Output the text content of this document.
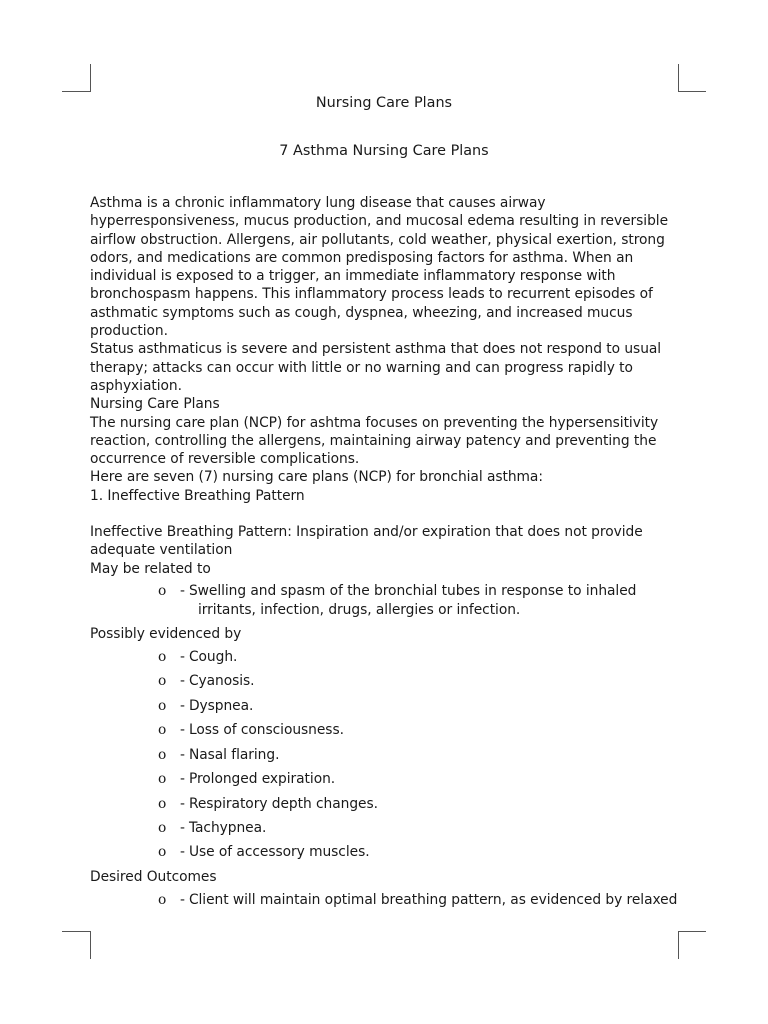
Nursing Care Plans
7 Asthma Nursing Care Plans

Asthma is a chronic inflammatory lung disease that causes airway hyperresponsiveness, mucus production, and mucosal edema resulting in reversible airflow obstruction. Allergens, air pollutants, cold weather, physical exertion, strong odors, and medications are common predisposing factors for asthma. When an individual is exposed to a trigger, an immediate inflammatory response with bronchospasm happens. This inflammatory process leads to recurrent episodes of asthmatic symptoms such as cough, dyspnea, wheezing, and increased mucus production.

Status asthmaticus is severe and persistent asthma that does not respond to usual therapy; attacks can occur with little or no warning and can progress rapidly to asphyxiation.

Nursing Care Plans

The nursing care plan (NCP) for ashtma focuses on preventing the hypersensitivity reaction, controlling the allergens, maintaining airway patency and preventing the occurrence of reversible complications.

Here are seven (7) nursing care plans (NCP) for bronchial asthma:

1. Ineffective Breathing Pattern

Ineffective Breathing Pattern: Inspiration and/or expiration that does not provide adequate ventilation

May be related to

o - Swelling and spasm of the bronchial tubes in response to inhaled irritants, infection, drugs, allergies or infection.

Possibly evidenced by

o - Cough.
o - Cyanosis.
o - Dyspnea.
o - Loss of consciousness.
o - Nasal flaring.
o - Prolonged expiration.
o - Respiratory depth changes.
o - Tachypnea.
o - Use of accessory muscles.

Desired Outcomes

o - Client will maintain optimal breathing pattern, as evidenced by relaxed
